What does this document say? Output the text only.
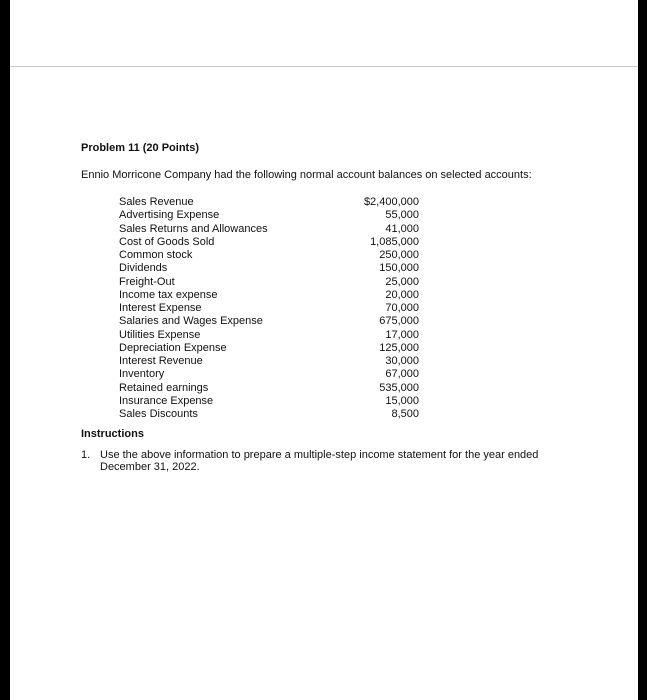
Problem 11 (20 Points)
Ennio Morricone Company had the following normal account balances on selected accounts:
Sales Revenue	$2,400,000
Advertising Expense	55,000
Sales Returns and Allowances	41,000
Cost of Goods Sold	1,085,000
Common stock	250,000
Dividends	150,000
Freight-Out	25,000
Income tax expense	20,000
Interest Expense	70,000
Salaries and Wages Expense	675,000
Utilities Expense	17,000
Depreciation Expense	125,000
Interest Revenue	30,000
Inventory	67,000
Retained earnings	535,000
Insurance Expense	15,000
Sales Discounts	8,500
Instructions
1. Use the above information to prepare a multiple-step income statement for the year ended December 31, 2022.
